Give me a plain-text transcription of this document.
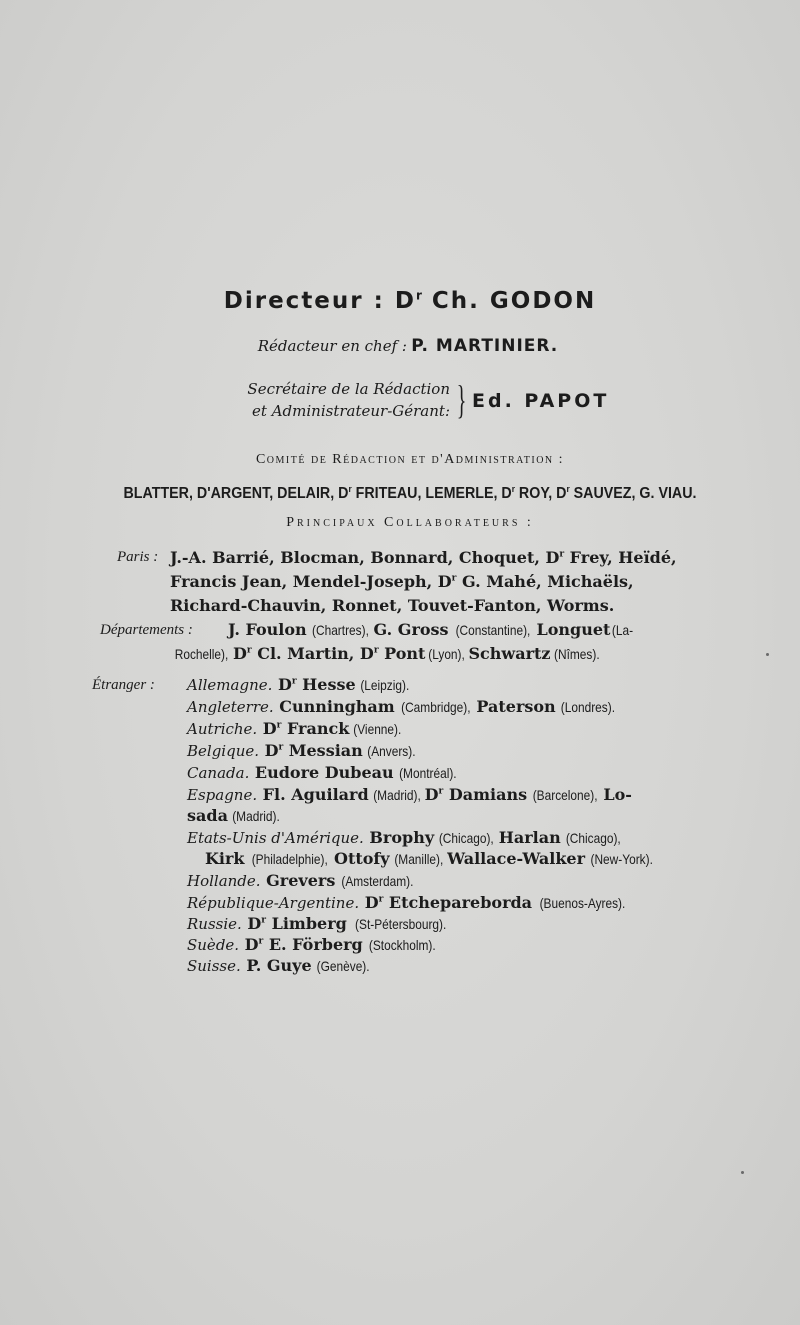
Directeur : $D^r$ Ch. GODON
Rédacteur en chef : P. MARTINIER.
Secrétaire de la Rédaction
et Administrateur-Gérant: } Ed. PAPOT
Comité de Rédaction et d'Administration :
BLATTER, D'ARGENT, DELAIR, $D^r$ FRITEAU, LEMERLE, $D^r$ ROY, $D^r$ SAUVEZ, G. VIAU.
Principaux Collaborateurs :
Paris : J.-A. Barrié, Blocman, Bonnard, Choquet, $D^r$ Frey, Heïdé,
Francis Jean, Mendel-Joseph, $D^r$ G. Mahé, Michaëls,
Richard-Chauvin, Ronnet, Touvet-Fanton, Worms.
Départements : J. Foulon(Chartres),G. Gross(Constantine),Longuet(La-
$Rochelle),D^r$ Cl. Martin, $D^r$ Pont(Lyon),Schwartz(Nîmes).
Étranger : Allemagne. $D^r$ Hesse(Leipzig).
Angleterre. Cunningham(Cambridge),Paterson(Londres).
Autriche. $D^r$ Franck(Vienne).
Belgique. $D^r$ Messian(Anvers).
Canada. Eudore Dubeau(Montréal).
Espagne. Fl. $Aguilard(Madrid),D^r$ Damians(Barcelone),Lo-
sada(Madrid).
Etats-Unis d'Amérique. Brophy(Chicago),Harlan(Chicago),
Kirk(Philadelphie),Ottofy(Manille),Wallace-Walker(New-York).
Hollande. Grevers(Amsterdam).
République-Argentine. $D^r$ Etchepareborda(Buenos-Ayres).
Russie. $D^r$ Limberg(St-Pétersbourg).
Suède. $D^r$ E. Förberg(Stockholm).
Suisse. P. Guye(Genève).
